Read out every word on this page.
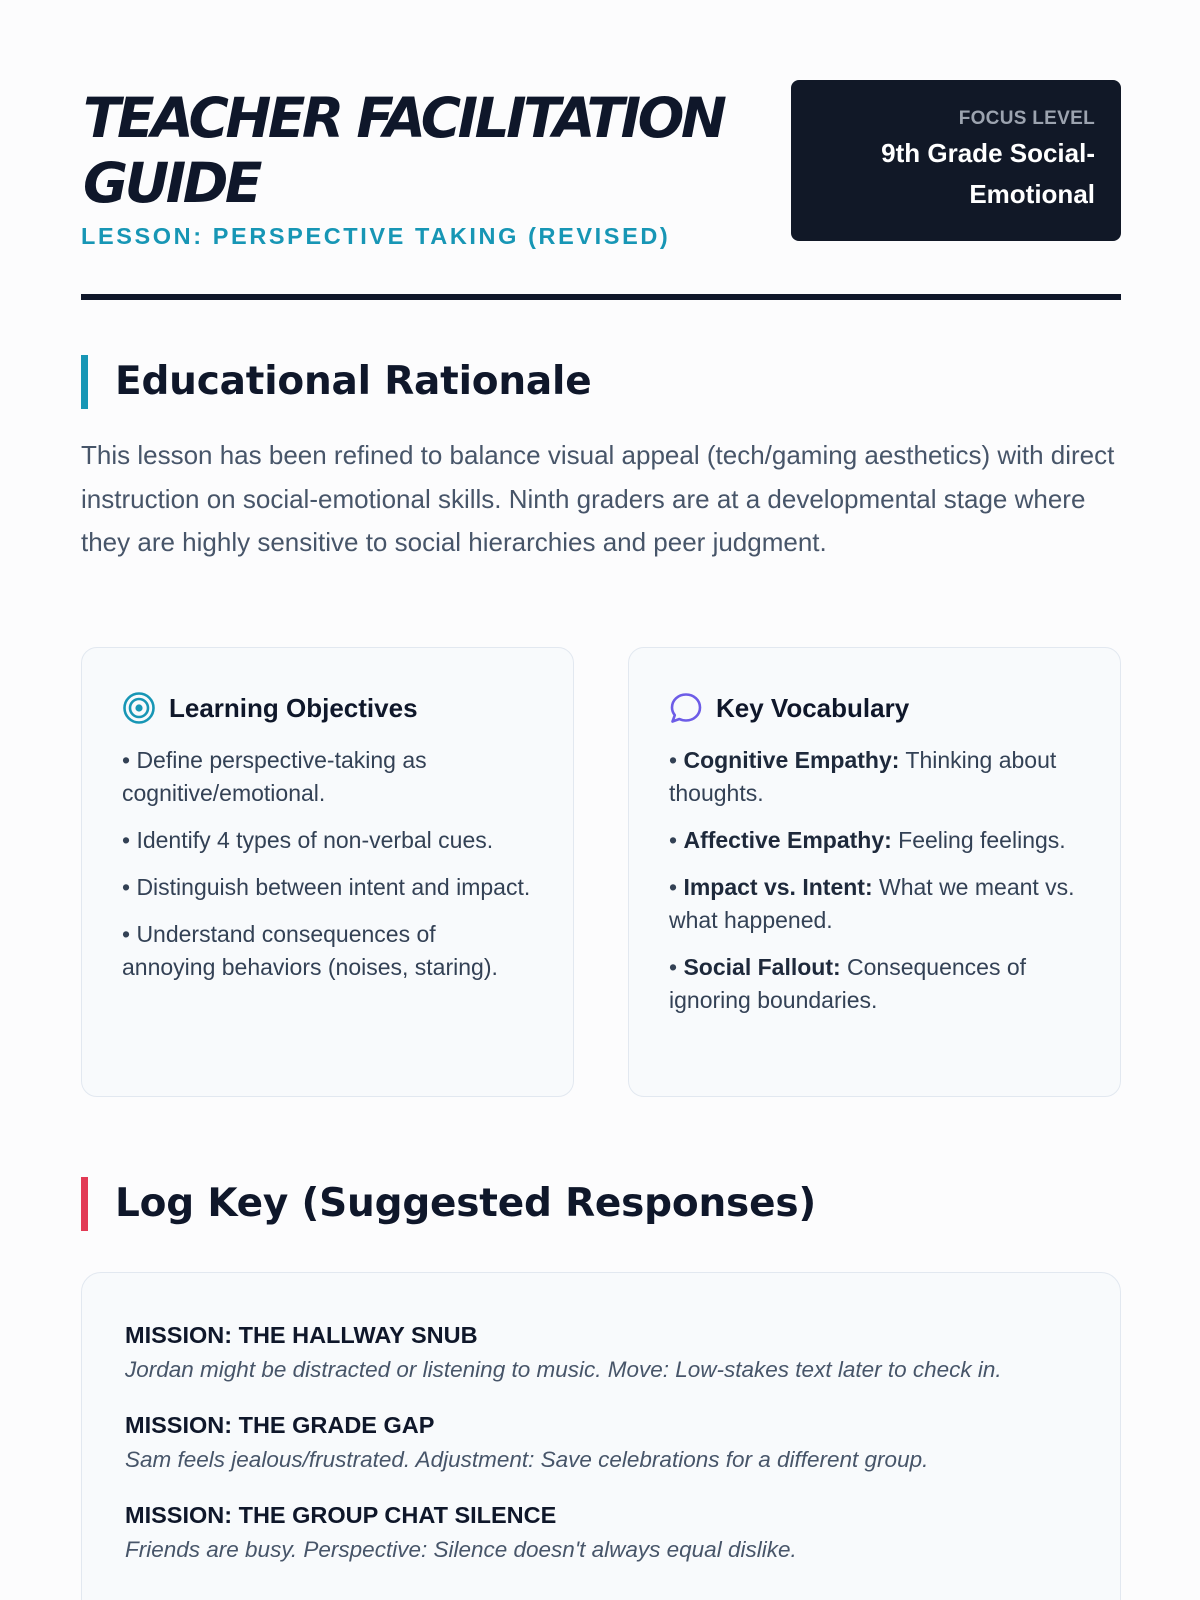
TEACHER FACILITATION GUIDE
LESSON: PERSPECTIVE TAKING (REVISED)
FOCUS LEVEL
9th Grade Social-Emotional
Educational Rationale

This lesson has been refined to balance visual appeal (tech/gaming aesthetics) with direct instruction on social-emotional skills. Ninth graders are at a developmental stage where they are highly sensitive to social hierarchies and peer judgment.

Learning Objectives
• Define perspective-taking as cognitive/emotional.
• Identify 4 types of non-verbal cues.
• Distinguish between intent and impact.
• Understand consequences of annoying behaviors (noises, staring).
Key Vocabulary
• Cognitive Empathy: Thinking about thoughts.
• Affective Empathy: Feeling feelings.
• Impact vs. Intent: What we meant vs. what happened.
• Social Fallout: Consequences of ignoring boundaries.
Log Key (Suggested Responses)
MISSION: THE HALLWAY SNUB
Jordan might be distracted or listening to music. Move: Low-stakes text later to check in.
MISSION: THE GRADE GAP
Sam feels jealous/frustrated. Adjustment: Save celebrations for a different group.
MISSION: THE GROUP CHAT SILENCE
Friends are busy. Perspective: Silence doesn't always equal dislike.
